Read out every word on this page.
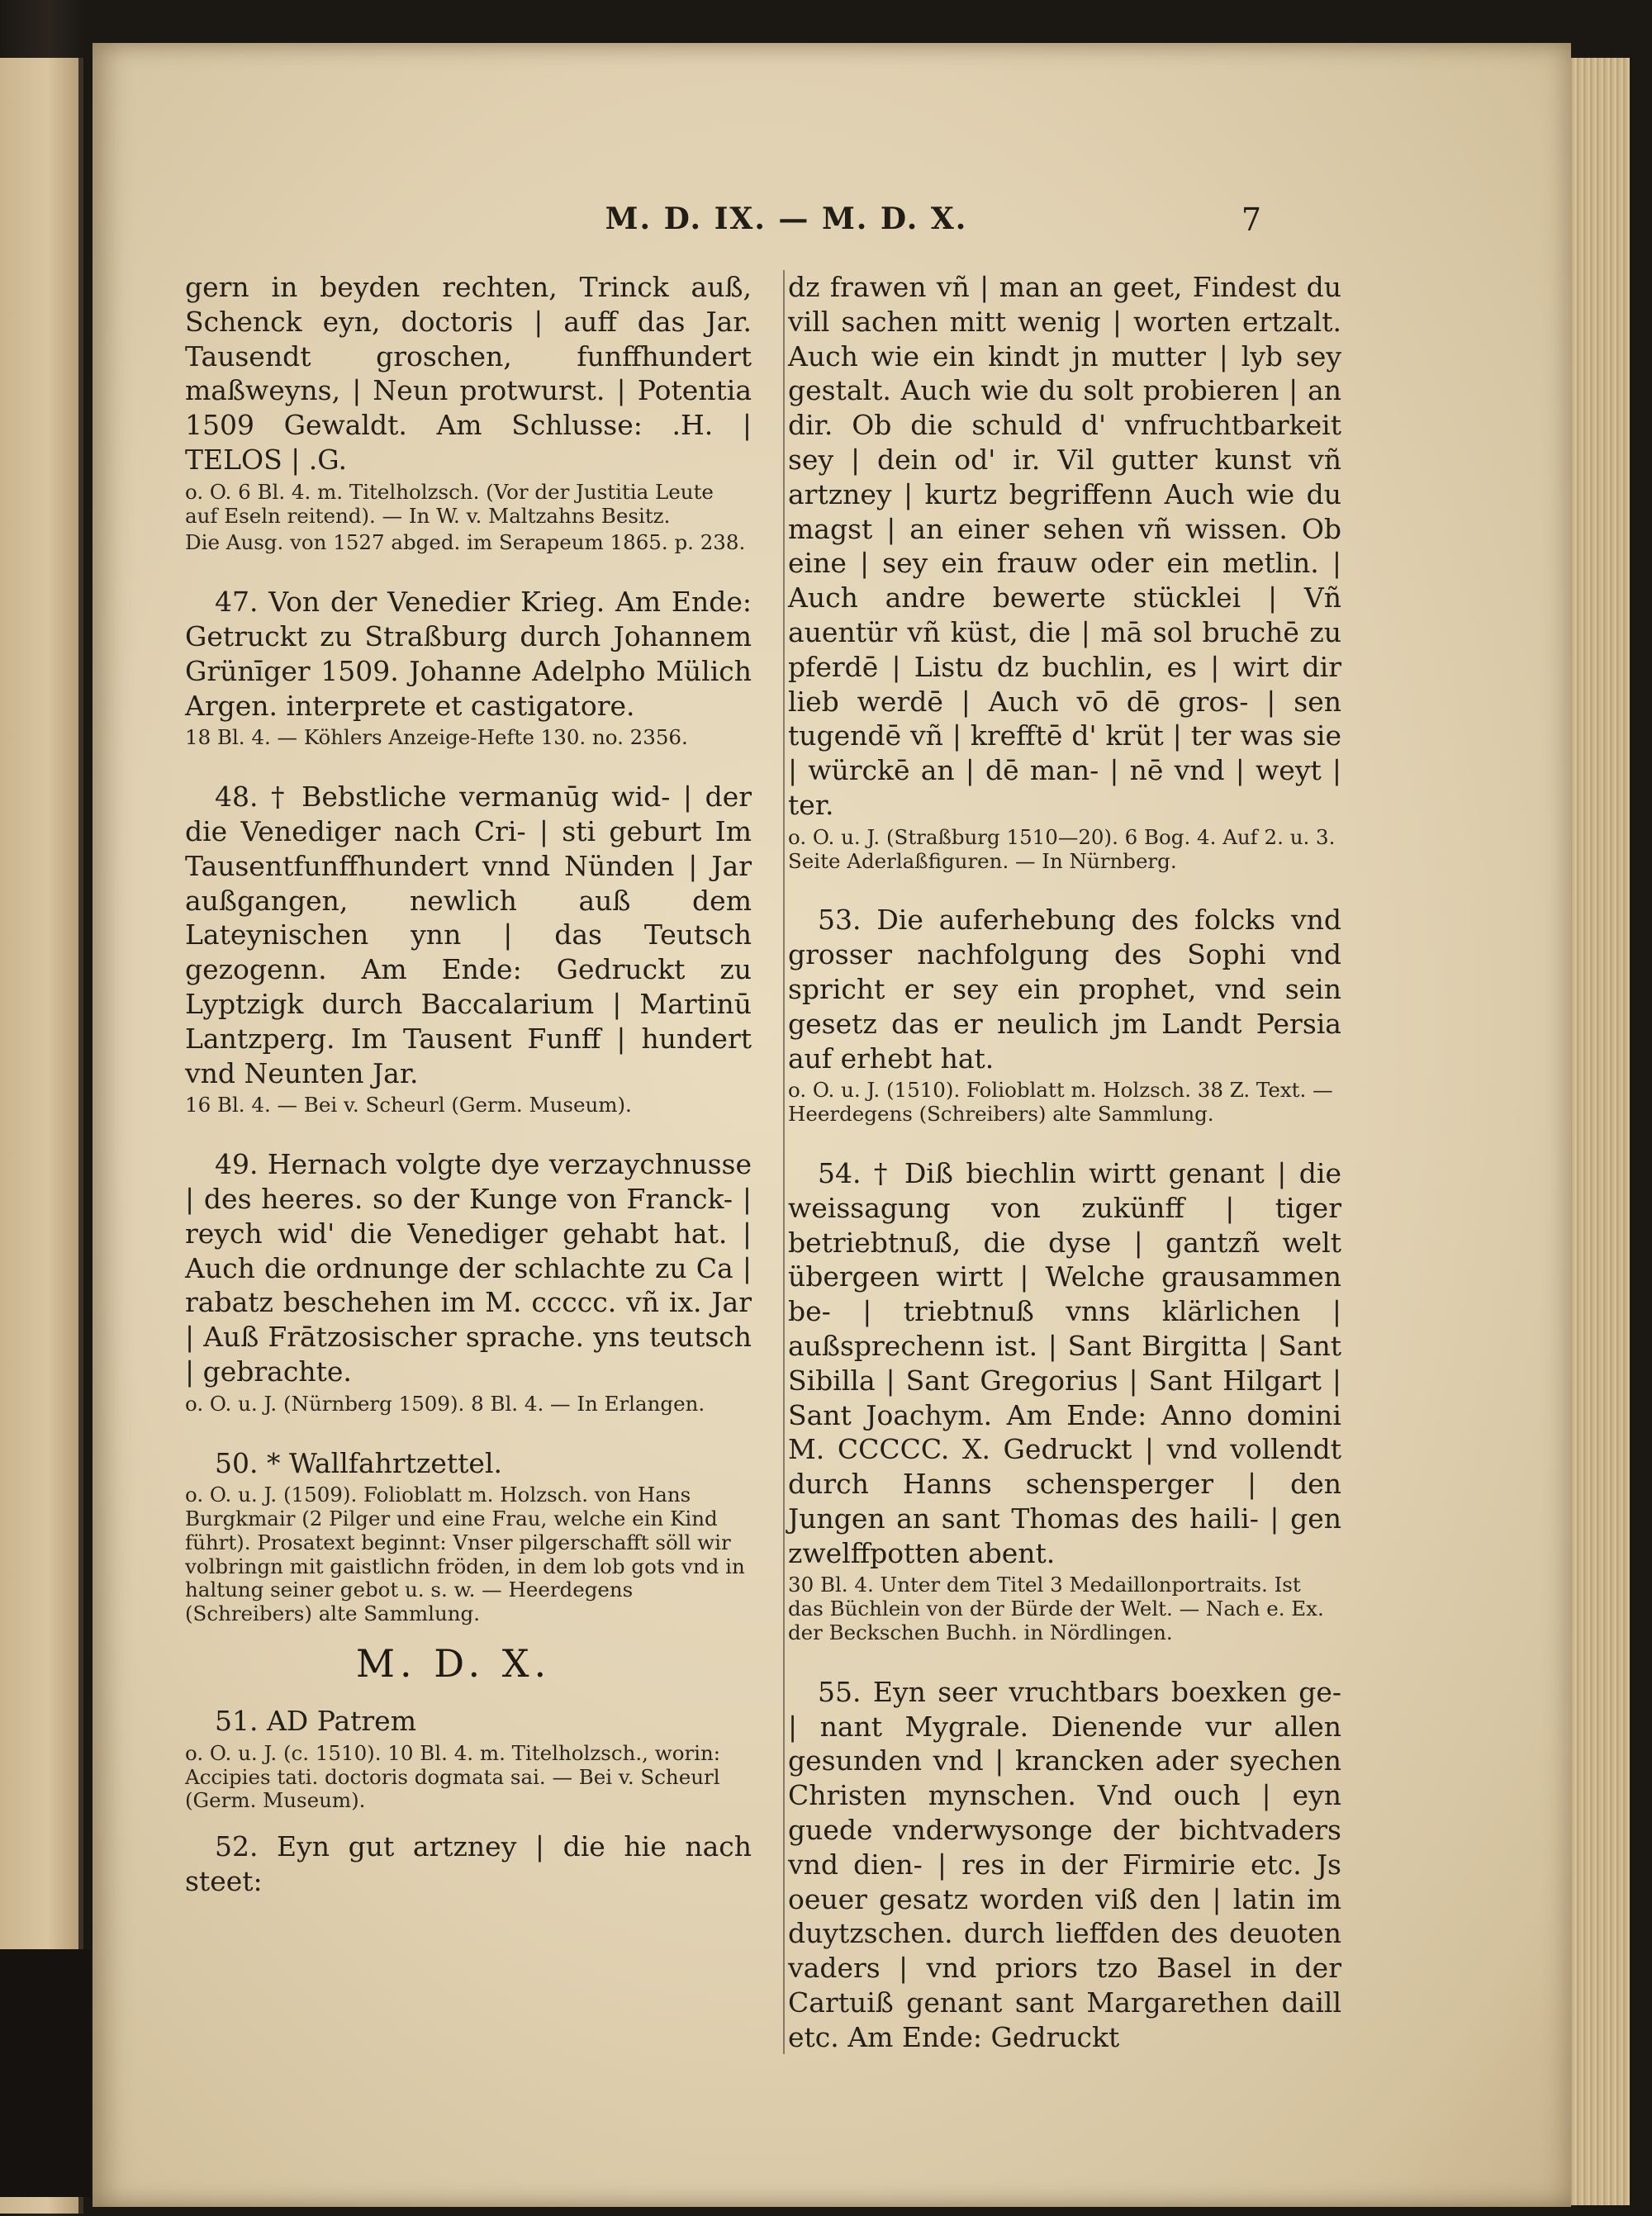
M. D. IX. — M. D. X.	7

gern in beyden rechten, Trinck auß, Schenck eyn, doctoris | auff das Jar. Tausendt groschen, funffhundert maßweyns, | Neun protwurst. | Potentia 1509 Gewaldt. Am Schlusse: .H. | TELOS | .G.

o. O. 6 Bl. 4. m. Titelholzsch. (Vor der Justitia Leute auf Eseln reitend). — In W. v. Maltzahns Besitz.

Die Ausg. von 1527 abged. im Serapeum 1865. p. 238.

47. Von der Venedier Krieg. Am Ende: Getruckt zu Straßburg durch Johannem Grünīger 1509. Johanne Adelpho Mülich Argen. interprete et castigatore.

18 Bl. 4. — Köhlers Anzeige-Hefte 130. no. 2356.

48. † Bebstliche vermanūg wid- | der die Venediger nach Cri- | sti geburt Im Tausentfunffhundert vnnd Nünden | Jar außgangen, newlich auß dem Lateynischen ynn | das Teutsch gezogenn. Am Ende: Gedruckt zu Lyptzigk durch Baccalarium | Martinū Lantzperg. Im Tausent Funff | hundert vnd Neunten Jar.

16 Bl. 4. — Bei v. Scheurl (Germ. Museum).

49. Hernach volgte dye verzaychnusse | des heeres. so der Kunge von Franck- | reych wid' die Venediger gehabt hat. | Auch die ordnunge der schlachte zu Ca | rabatz beschehen im M. ccccc. vñ ix. Jar | Auß Frātzosischer sprache. yns teutsch | gebrachte.

o. O. u. J. (Nürnberg 1509). 8 Bl. 4. — In Erlangen.

50. * Wallfahrtzettel.

o. O. u. J. (1509). Folioblatt m. Holzsch. von Hans Burgkmair (2 Pilger und eine Frau, welche ein Kind führt). Prosatext beginnt: Vnser pilgerschafft söll wir volbringn mit gaistlichn fröden, in dem lob gots vnd in haltung seiner gebot u. s. w. — Heerdegens (Schreibers) alte Sammlung.

M. D. X.

51. AD Patrem

o. O. u. J. (c. 1510). 10 Bl. 4. m. Titelholzsch., worin: Accipies tati. doctoris dogmata sai. — Bei v. Scheurl (Germ. Museum).

52. Eyn gut artzney | die hie nach steet:

dz frawen vñ | man an geet, Findest du vill sachen mitt wenig | worten ertzalt. Auch wie ein kindt jn mutter | lyb sey gestalt. Auch wie du solt probieren | an dir. Ob die schuld d' vnfruchtbarkeit sey | dein od' ir. Vil gutter kunst vñ artzney | kurtz begriffenn Auch wie du magst | an einer sehen vñ wissen. Ob eine | sey ein frauw oder ein metlin. | Auch andre bewerte stücklei | Vñ auentür vñ küst, die | mā sol bruchē zu pferdē | Listu dz buchlin, es | wirt dir lieb werdē | Auch vō dē gros- | sen tugendē vñ | krefftē d' krüt | ter was sie | würckē an | dē man- | nē vnd | weyt | ter.

o. O. u. J. (Straßburg 1510—20). 6 Bog. 4. Auf 2. u. 3. Seite Aderlaßfiguren. — In Nürnberg.

53. Die auferhebung des folcks vnd grosser nachfolgung des Sophi vnd spricht er sey ein prophet, vnd sein gesetz das er neulich jm Landt Persia auf erhebt hat.

o. O. u. J. (1510). Folioblatt m. Holzsch. 38 Z. Text. — Heerdegens (Schreibers) alte Sammlung.

54. † Diß biechlin wirtt genant | die weissagung von zukünff | tiger betriebtnuß, die dyse | gantzñ welt übergeen wirtt | Welche grausammen be- | triebtnuß vnns klärlichen | außsprechenn ist. | Sant Birgitta | Sant Sibilla | Sant Gregorius | Sant Hilgart | Sant Joachym. Am Ende: Anno domini M. CCCCC. X. Gedruckt | vnd vollendt durch Hanns schensperger | den Jungen an sant Thomas des haili- | gen zwelffpotten abent.

30 Bl. 4. Unter dem Titel 3 Medaillonportraits. Ist das Büchlein von der Bürde der Welt. — Nach e. Ex. der Beckschen Buchh. in Nördlingen.

55. Eyn seer vruchtbars boexken ge- | nant Mygrale. Dienende vur allen gesunden vnd | krancken ader syechen Christen mynschen. Vnd ouch | eyn guede vnderwysonge der bichtvaders vnd dien- | res in der Firmirie etc. Js oeuer gesatz worden viß den | latin im duytzschen. durch lieffden des deuoten vaders | vnd priors tzo Basel in der Cartuiß genant sant Margarethen daill etc. Am Ende: Gedruckt
